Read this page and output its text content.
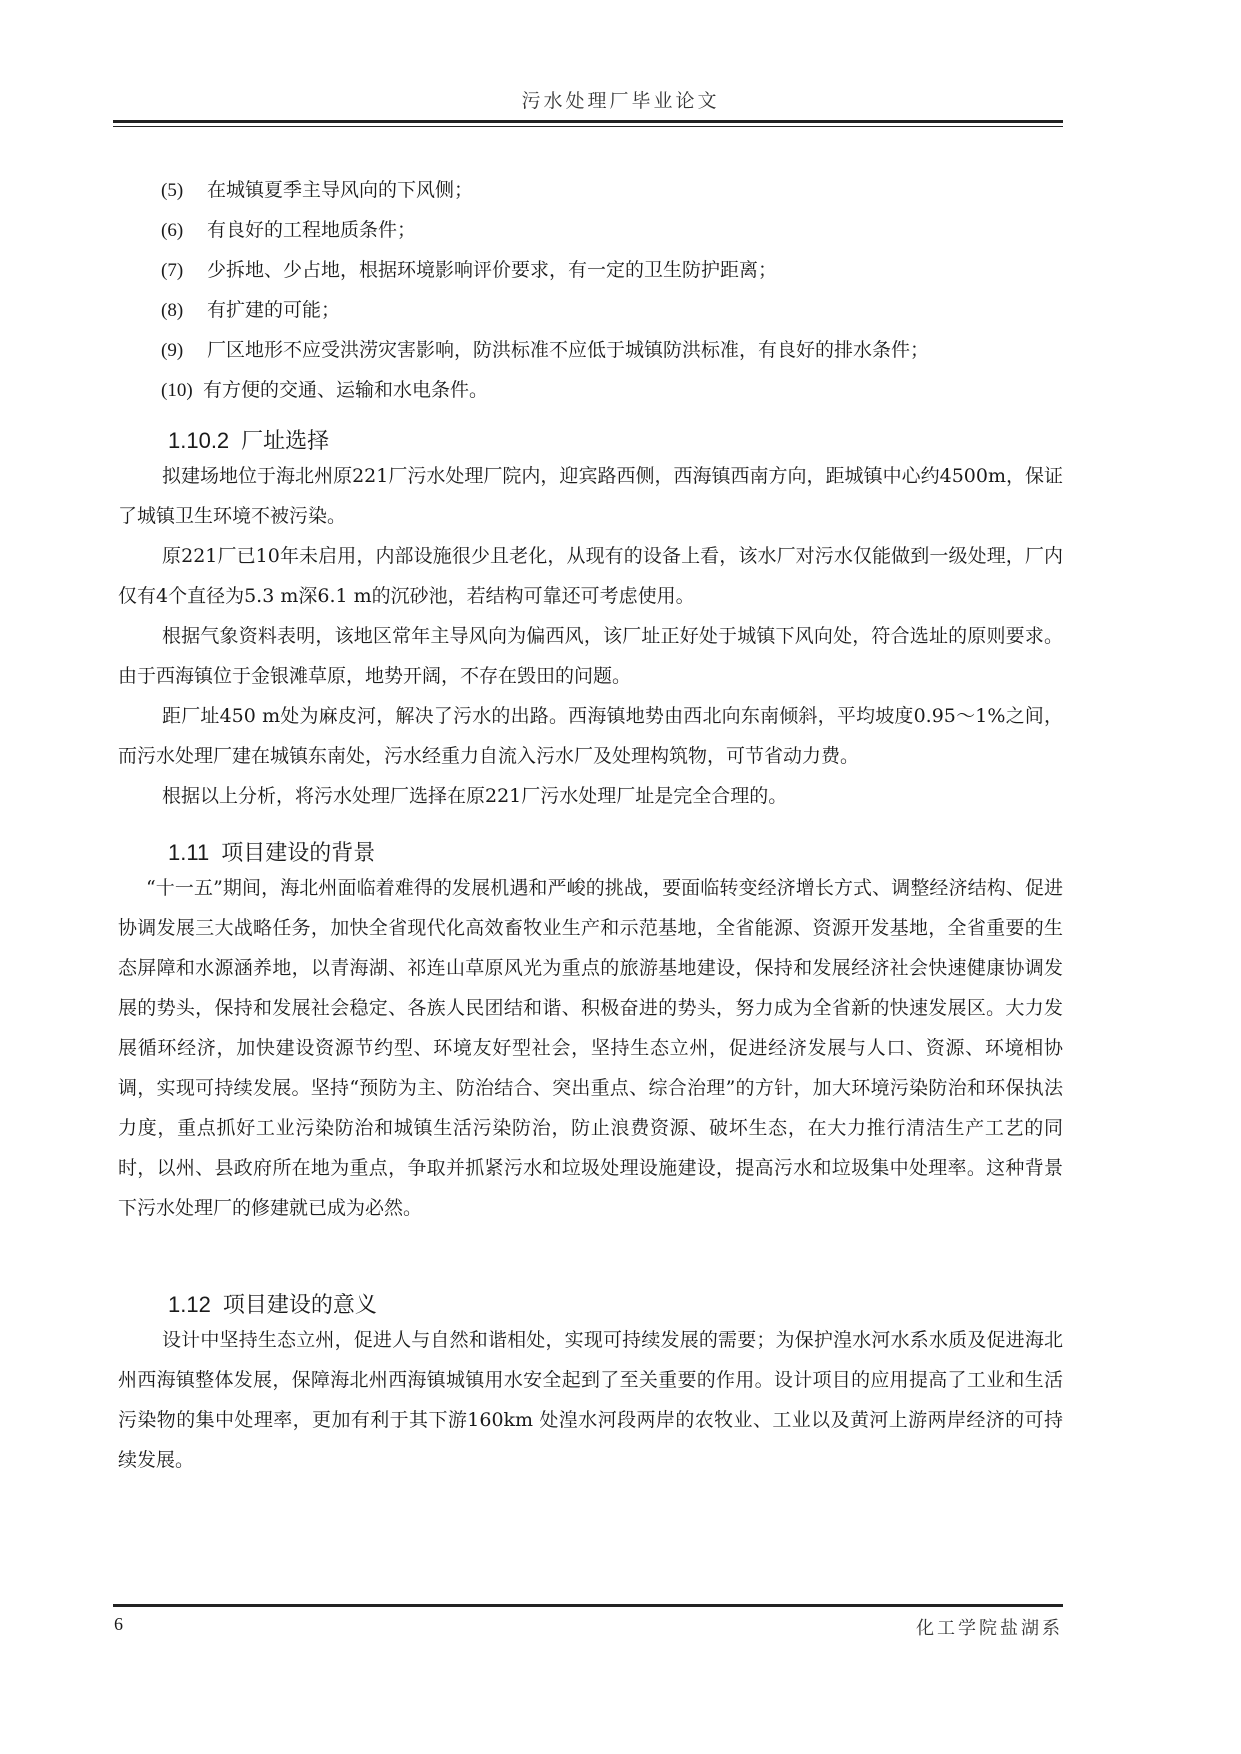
污水处理厂毕业论文
(5) 在城镇夏季主导风向的下风侧；
(6) 有良好的工程地质条件；
(7) 少拆地、少占地，根据环境影响评价要求，有一定的卫生防护距离；
(8) 有扩建的可能；
(9) 厂区地形不应受洪涝灾害影响，防洪标准不应低于城镇防洪标准，有良好的排水条件；
(10) 有方便的交通、运输和水电条件。
1.10.2 厂址选择
拟建场地位于海北州原221厂污水处理厂院内，迎宾路西侧，西海镇西南方向，距城镇中心约4500m，保证了城镇卫生环境不被污染。
原221厂已10年未启用，内部设施很少且老化，从现有的设备上看，该水厂对污水仅能做到一级处理，厂内仅有4个直径为5.3 m深6.1 m的沉砂池，若结构可靠还可考虑使用。
根据气象资料表明，该地区常年主导风向为偏西风，该厂址正好处于城镇下风向处，符合选址的原则要求。由于西海镇位于金银滩草原，地势开阔，不存在毁田的问题。
距厂址450 m处为麻皮河，解决了污水的出路。西海镇地势由西北向东南倾斜，平均坡度0.95～1%之间，而污水处理厂建在城镇东南处，污水经重力自流入污水厂及处理构筑物，可节省动力费。
根据以上分析，将污水处理厂选择在原221厂污水处理厂址是完全合理的。
1.11 项目建设的背景
“十一五”期间，海北州面临着难得的发展机遇和严峻的挑战，要面临转变经济增长方式、调整经济结构、促进协调发展三大战略任务，加快全省现代化高效畜牧业生产和示范基地，全省能源、资源开发基地，全省重要的生态屏障和水源涵养地，以青海湖、祁连山草原风光为重点的旅游基地建设，保持和发展经济社会快速健康协调发展的势头，保持和发展社会稳定、各族人民团结和谐、积极奋进的势头，努力成为全省新的快速发展区。大力发展循环经济，加快建设资源节约型、环境友好型社会，坚持生态立州，促进经济发展与人口、资源、环境相协调，实现可持续发展。坚持“预防为主、防治结合、突出重点、综合治理”的方针，加大环境污染防治和环保执法力度，重点抓好工业污染防治和城镇生活污染防治，防止浪费资源、破坏生态，在大力推行清洁生产工艺的同时，以州、县政府所在地为重点，争取并抓紧污水和垃圾处理设施建设，提高污水和垃圾集中处理率。这种背景下污水处理厂的修建就已成为必然。
1.12 项目建设的意义
设计中坚持生态立州，促进人与自然和谐相处，实现可持续发展的需要；为保护湟水河水系水质及促进海北州西海镇整体发展，保障海北州西海镇城镇用水安全起到了至关重要的作用。设计项目的应用提高了工业和生活污染物的集中处理率，更加有利于其下游160km 处湟水河段两岸的农牧业、工业以及黄河上游两岸经济的可持续发展。
6	化工学院盐湖系
